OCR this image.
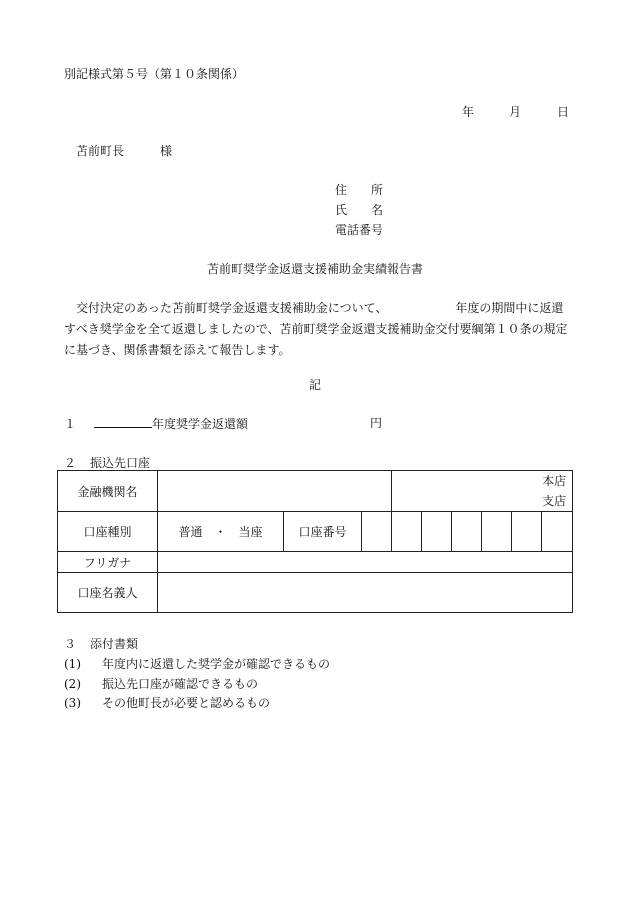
別記様式第５号（第１０条関係）
年	月	日
苫前町長	様
住 所
氏 名
電話番号
苫前町奨学金返還支援補助金実績報告書
交付決定のあった苫前町奨学金返還支援補助金について、	年度の期間中に返還すべき奨学金を全て返還しましたので、苫前町奨学金返還支援補助金交付要綱第１０条の規定に基づき、関係書類を添えて報告します。
記
１	年度奨学金返還額	円
２ 振込先口座
金融機関名				本店
支店					

口座種別	普通　・　当座	口座番号							
フリガナ									
口座名義人									
３ 添付書類
(1) 年度内に返還した奨学金が確認できるもの
(2) 振込先口座が確認できるもの
(3) その他町長が必要と認めるもの
